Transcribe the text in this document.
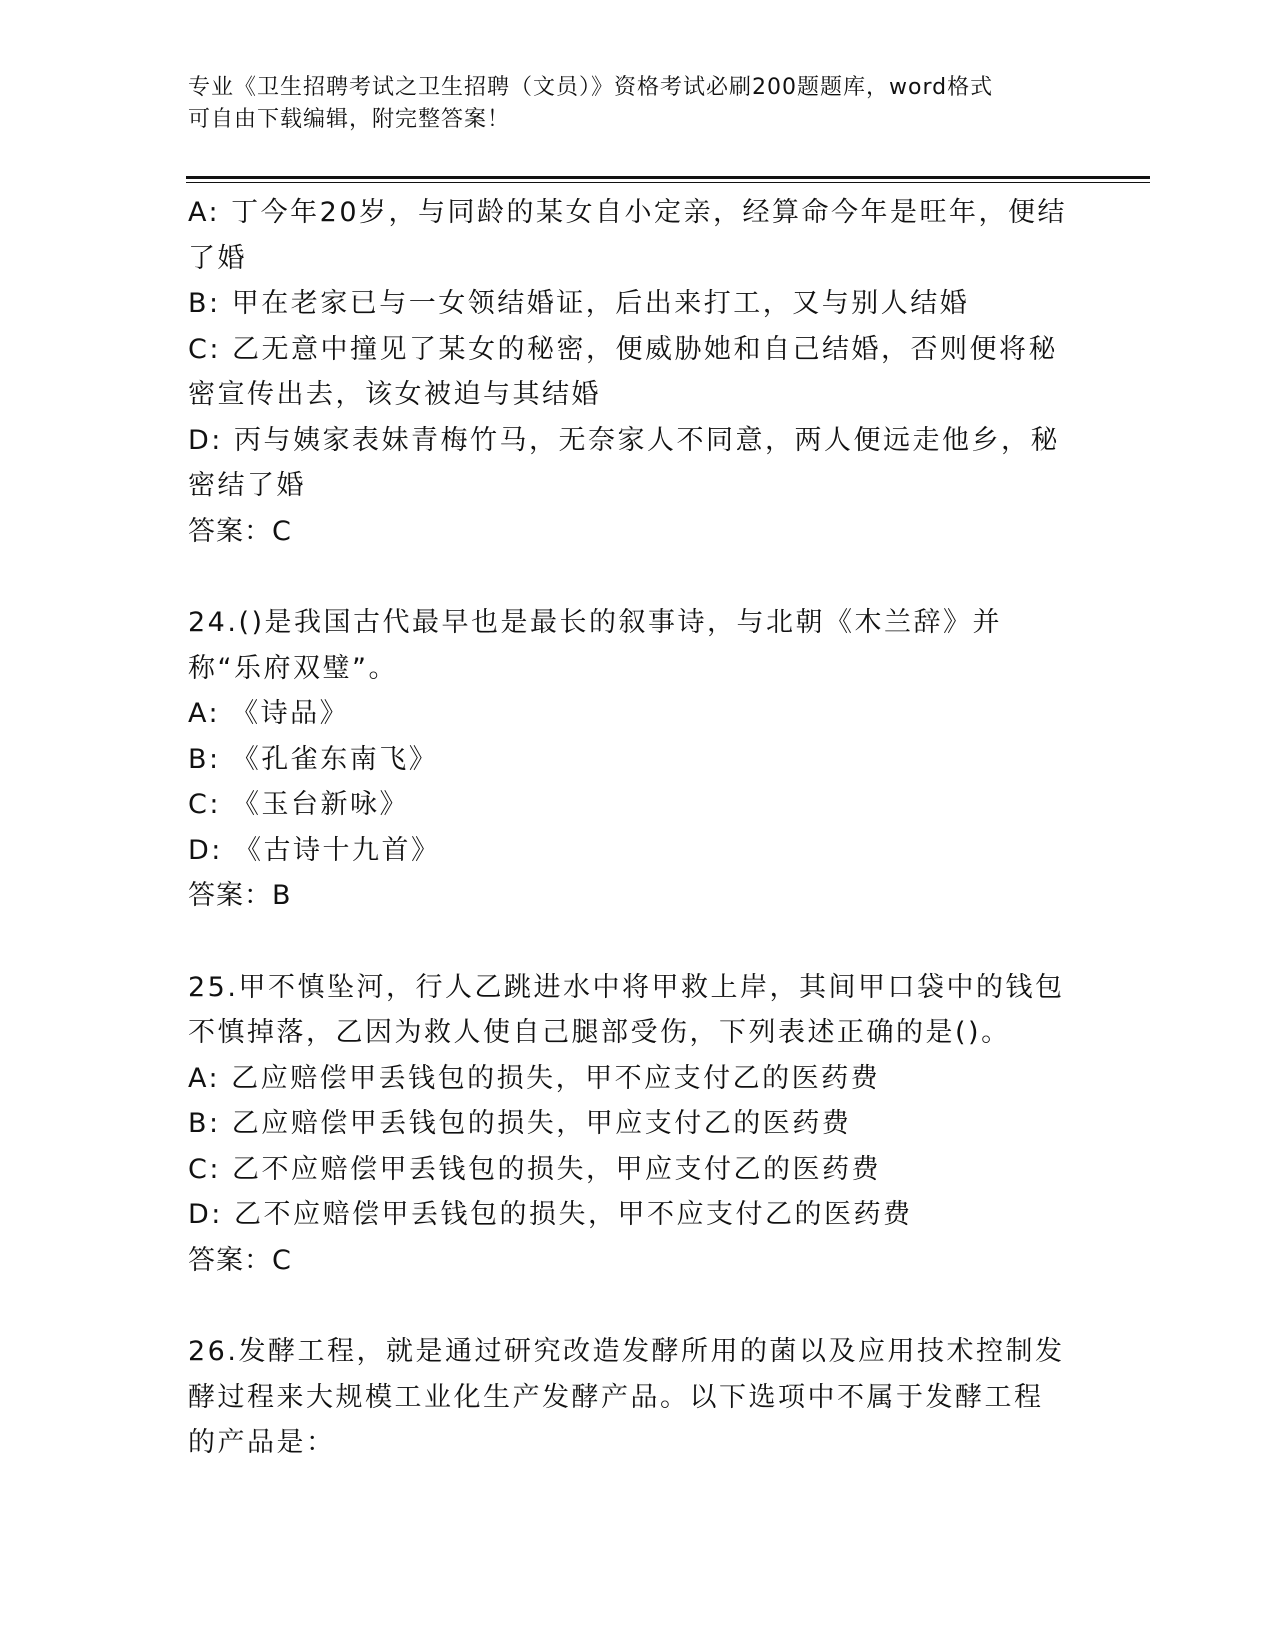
专业《卫生招聘考试之卫生招聘（文员）》资格考试必刷200题题库，word格式
可自由下载编辑，附完整答案！

A: 丁今年20岁，与同龄的某女自小定亲，经算命今年是旺年，便结了婚

B: 甲在老家已与一女领结婚证，后出来打工，又与别人结婚

C: 乙无意中撞见了某女的秘密，便威胁她和自己结婚，否则便将秘密宣传出去，该女被迫与其结婚

D: 丙与姨家表妹青梅竹马，无奈家人不同意，两人便远走他乡，秘密结了婚

答案：C

24.()是我国古代最早也是最长的叙事诗，与北朝《木兰辞》并称“乐府双璧”。

A: 《诗品》

B: 《孔雀东南飞》

C: 《玉台新咏》

D: 《古诗十九首》

答案：B

25.甲不慎坠河，行人乙跳进水中将甲救上岸，其间甲口袋中的钱包不慎掉落，乙因为救人使自己腿部受伤，下列表述正确的是()。

A: 乙应赔偿甲丢钱包的损失，甲不应支付乙的医药费

B: 乙应赔偿甲丢钱包的损失，甲应支付乙的医药费

C: 乙不应赔偿甲丢钱包的损失，甲应支付乙的医药费

D: 乙不应赔偿甲丢钱包的损失，甲不应支付乙的医药费

答案：C

26.发酵工程，就是通过研究改造发酵所用的菌以及应用技术控制发酵过程来大规模工业化生产发酵产品。以下选项中不属于发酵工程的产品是：
